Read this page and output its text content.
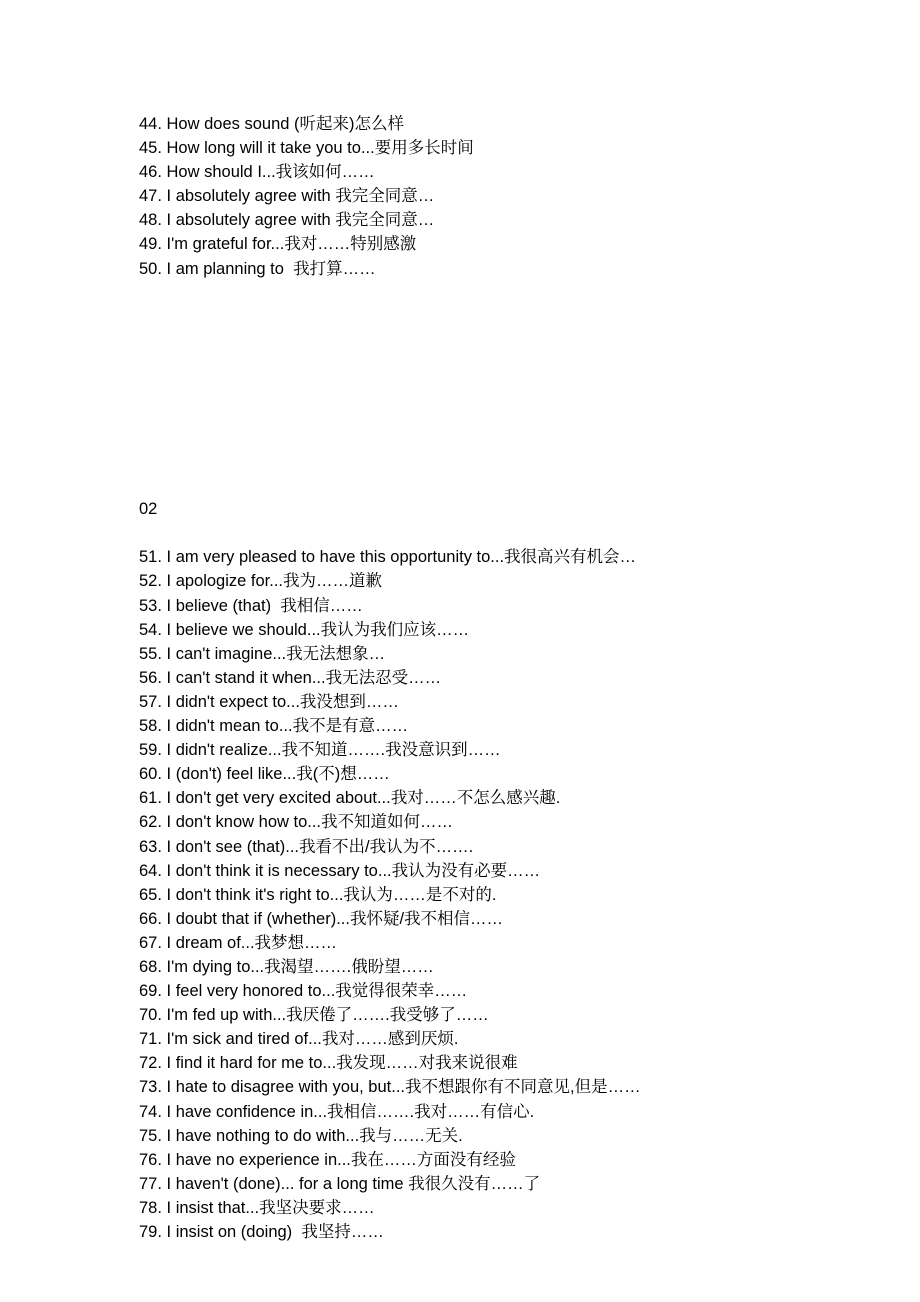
44. How does sound (听起来)怎么样
45. How long will it take you to...要用多长时间
46. How should I...我该如何……
47. I absolutely agree with 我完全同意…
48. I absolutely agree with 我完全同意…
49. I'm grateful for...我对……特别感激
50. I am planning to  我打算……

02

51. I am very pleased to have this opportunity to...我很高兴有机会…
52. I apologize for...我为……道歉
53. I believe (that)  我相信……
54. I believe we should...我认为我们应该……
55. I can't imagine...我无法想象…
56. I can't stand it when...我无法忍受……
57. I didn't expect to...我没想到……
58. I didn't mean to...我不是有意……
59. I didn't realize...我不知道…….我没意识到……
60. I (don't) feel like...我(不)想……
61. I don't get very excited about...我对……不怎么感兴趣.
62. I don't know how to...我不知道如何……
63. I don't see (that)...我看不出/我认为不…….
64. I don't think it is necessary to...我认为没有必要……
65. I don't think it's right to...我认为……是不对的.
66. I doubt that if (whether)...我怀疑/我不相信……
67. I dream of...我梦想……
68. I'm dying to...我渴望…….俄盼望……
69. I feel very honored to...我觉得很荣幸……
70. I'm fed up with...我厌倦了…….我受够了……
71. I'm sick and tired of...我对……感到厌烦.
72. I find it hard for me to...我发现……对我来说很难
73. I hate to disagree with you, but...我不想跟你有不同意见,但是……
74. I have confidence in...我相信…….我对……有信心.
75. I have nothing to do with...我与……无关.
76. I have no experience in...我在……方面没有经验
77. I haven't (done)... for a long time 我很久没有……了
78. I insist that...我坚决要求……
79. I insist on (doing)  我坚持……
